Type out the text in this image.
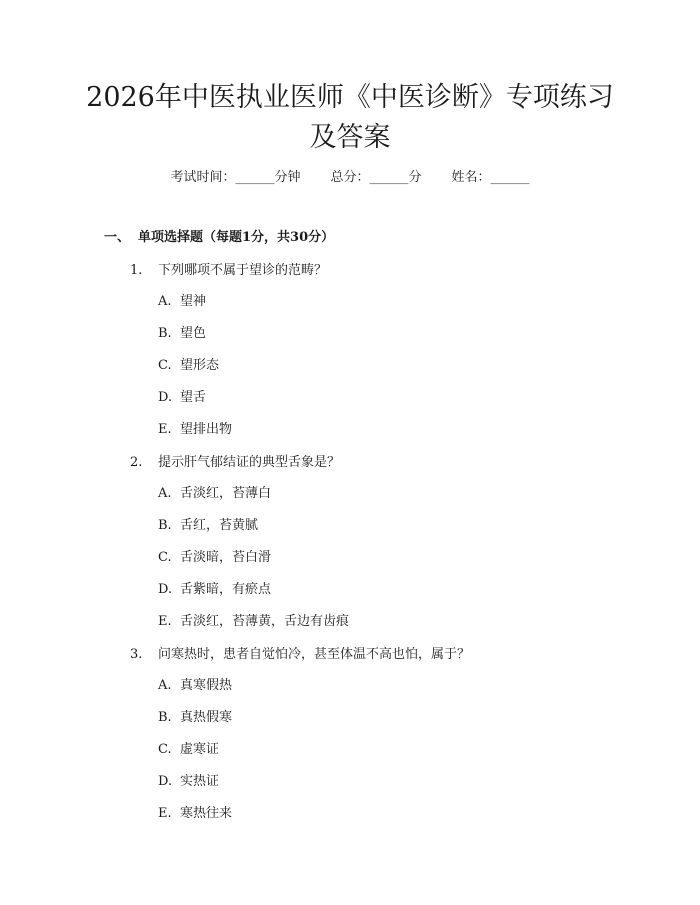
2026年中医执业医师《中医诊断》专项练习
及答案
考试时间：______分钟 总分：______分 姓名：______
一、 单项选择题（每题1分，共30分）
1. 下列哪项不属于望诊的范畴？
A. 望神
B. 望色
C. 望形态
D. 望舌
E. 望排出物
2. 提示肝气郁结证的典型舌象是？
A. 舌淡红，苔薄白
B. 舌红，苔黄腻
C. 舌淡暗，苔白滑
D. 舌紫暗，有瘀点
E. 舌淡红，苔薄黄，舌边有齿痕
3. 问寒热时，患者自觉怕冷，甚至体温不高也怕，属于？
A. 真寒假热
B. 真热假寒
C. 虚寒证
D. 实热证
E. 寒热往来
